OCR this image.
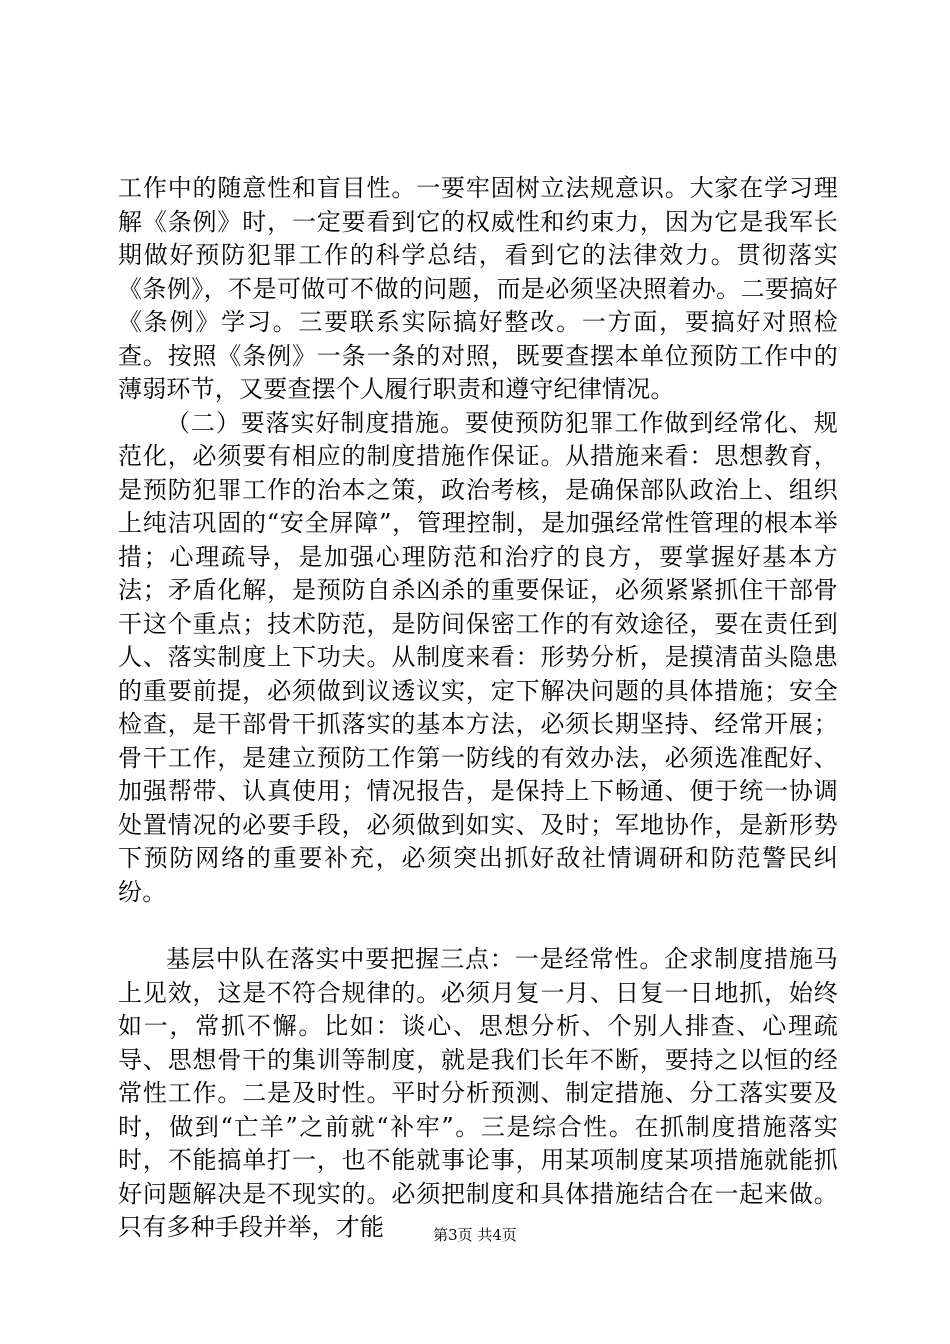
工作中的随意性和盲目性。一要牢固树立法规意识。大家在学习理解《条例》时，一定要看到它的权威性和约束力，因为它是我军长期做好预防犯罪工作的科学总结，看到它的法律效力。贯彻落实《条例》，不是可做可不做的问题，而是必须坚决照着办。二要搞好《条例》学习。三要联系实际搞好整改。一方面，要搞好对照检查。按照《条例》一条一条的对照，既要查摆本单位预防工作中的薄弱环节，又要查摆个人履行职责和遵守纪律情况。

（二）要落实好制度措施。要使预防犯罪工作做到经常化、规范化，必须要有相应的制度措施作保证。从措施来看：思想教育，是预防犯罪工作的治本之策，政治考核，是确保部队政治上、组织上纯洁巩固的“安全屏障”，管理控制，是加强经常性管理的根本举措；心理疏导，是加强心理防范和治疗的良方，要掌握好基本方法；矛盾化解，是预防自杀凶杀的重要保证，必须紧紧抓住干部骨干这个重点；技术防范，是防间保密工作的有效途径，要在责任到人、落实制度上下功夫。从制度来看：形势分析，是摸清苗头隐患的重要前提，必须做到议透议实，定下解决问题的具体措施；安全检查，是干部骨干抓落实的基本方法，必须长期坚持、经常开展；骨干工作，是建立预防工作第一防线的有效办法，必须选准配好、加强帮带、认真使用；情况报告，是保持上下畅通、便于统一协调处置情况的必要手段，必须做到如实、及时；军地协作，是新形势下预防网络的重要补充，必须突出抓好敌社情调研和防范警民纠纷。

基层中队在落实中要把握三点：一是经常性。企求制度措施马上见效，这是不符合规律的。必须月复一月、日复一日地抓，始终如一，常抓不懈。比如：谈心、思想分析、个别人排查、心理疏导、思想骨干的集训等制度，就是我们长年不断，要持之以恒的经常性工作。二是及时性。平时分析预测、制定措施、分工落实要及时，做到“亡羊”之前就“补牢”。三是综合性。在抓制度措施落实时，不能搞单打一，也不能就事论事，用某项制度某项措施就能抓好问题解决是不现实的。必须把制度和具体措施结合在一起来做。只有多种手段并举，才能	第3页 共4页
